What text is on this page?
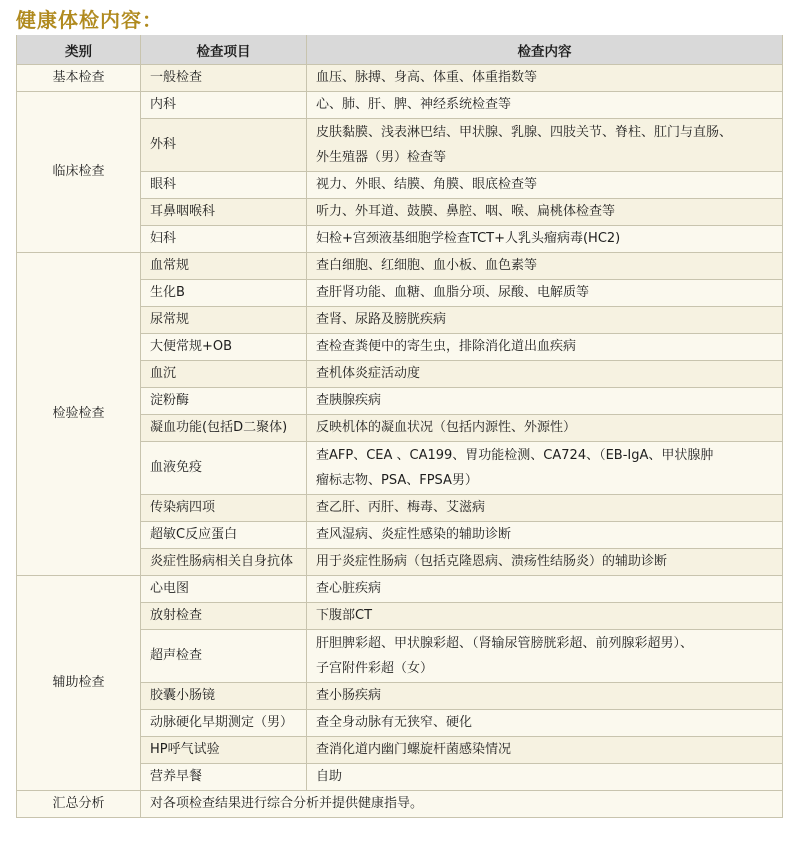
健康体检内容：
类别	检查项目	检查内容
基本检查	一般检查	血压、脉搏、身高、体重、体重指数等
临床检查	内科	心、肺、肝、脾、神经系统检查等
	外科	皮肤黏膜、浅表淋巴结、甲状腺、乳腺、四肢关节、脊柱、肛门与直肠、
外生殖器（男）检查等

	眼科	视力、外眼、结膜、角膜、眼底检查等
	耳鼻咽喉科	听力、外耳道、鼓膜、鼻腔、咽、喉、扁桃体检查等
	妇科	妇检+宫颈液基细胞学检查TCT+人乳头瘤病毒(HC2)
检验检查	血常规	查白细胞、红细胞、血小板、血色素等
	生化B	查肝肾功能、血糖、血脂分项、尿酸、电解质等
	尿常规	查肾、尿路及膀胱疾病
	大便常规+OB	查检查粪便中的寄生虫，排除消化道出血疾病
	血沉	查机体炎症活动度
	淀粉酶	查胰腺疾病
	凝血功能(包括D二聚体)	反映机体的凝血状况（包括内源性、外源性）
	血液免疫	查AFP、CEA 、CA199、胃功能检测、CA724、（EB-IgA、甲状腺肿
瘤标志物、PSA、FPSA男）

	传染病四项	查乙肝、丙肝、梅毒、艾滋病
	超敏C反应蛋白	查风湿病、炎症性感染的辅助诊断
	炎症性肠病相关自身抗体	用于炎症性肠病（包括克隆恩病、溃疡性结肠炎）的辅助诊断
辅助检查	心电图	查心脏疾病
	放射检查	下腹部CT
	超声检查	肝胆脾彩超、甲状腺彩超、（肾输尿管膀胱彩超、前列腺彩超男）、
子宫附件彩超（女）

	胶囊小肠镜	查小肠疾病
	动脉硬化早期测定（男）	查全身动脉有无狭窄、硬化
	HP呼气试验	查消化道内幽门螺旋杆菌感染情况
	营养早餐	自助
汇总分析	对各项检查结果进行综合分析并提供健康指导。	
